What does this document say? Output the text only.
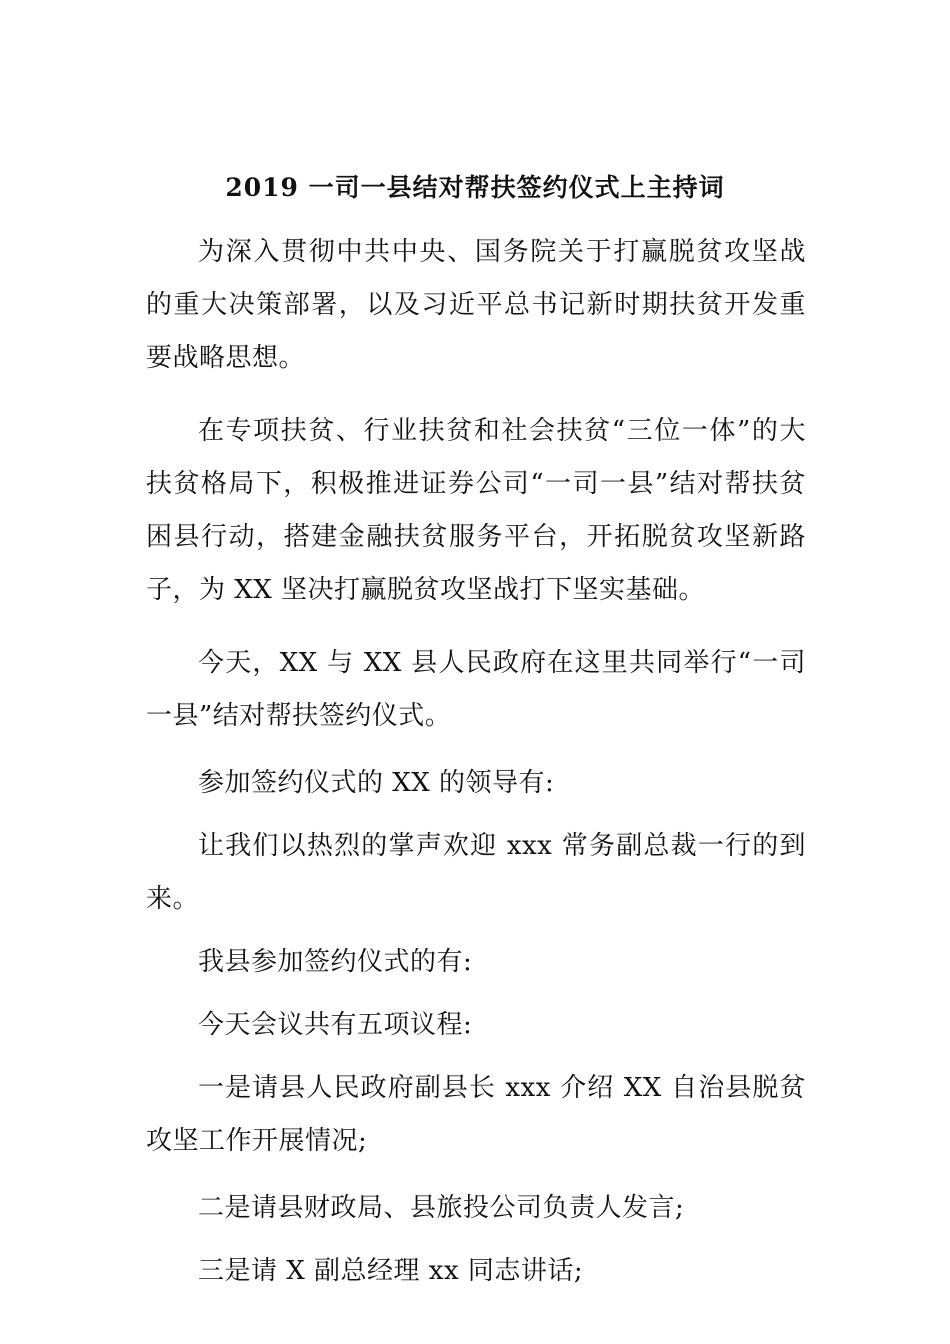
2019 一司一县结对帮扶签约仪式上主持词

为深入贯彻中共中央、国务院关于打赢脱贫攻坚战的重大决策部署，以及习近平总书记新时期扶贫开发重要战略思想。

在专项扶贫、行业扶贫和社会扶贫“三位一体”的大扶贫格局下，积极推进证券公司“一司一县”结对帮扶贫困县行动，搭建金融扶贫服务平台，开拓脱贫攻坚新路子，为 XX 坚决打赢脱贫攻坚战打下坚实基础。

今天，XX 与 XX 县人民政府在这里共同举行“一司一县”结对帮扶签约仪式。

参加签约仪式的 XX 的领导有:

让我们以热烈的掌声欢迎 xxx 常务副总裁一行的到来。

我县参加签约仪式的有:

今天会议共有五项议程:

一是请县人民政府副县长 xxx 介绍 XX 自治县脱贫攻坚工作开展情况;

二是请县财政局、县旅投公司负责人发言;

三是请 X 副总经理 xx 同志讲话;
